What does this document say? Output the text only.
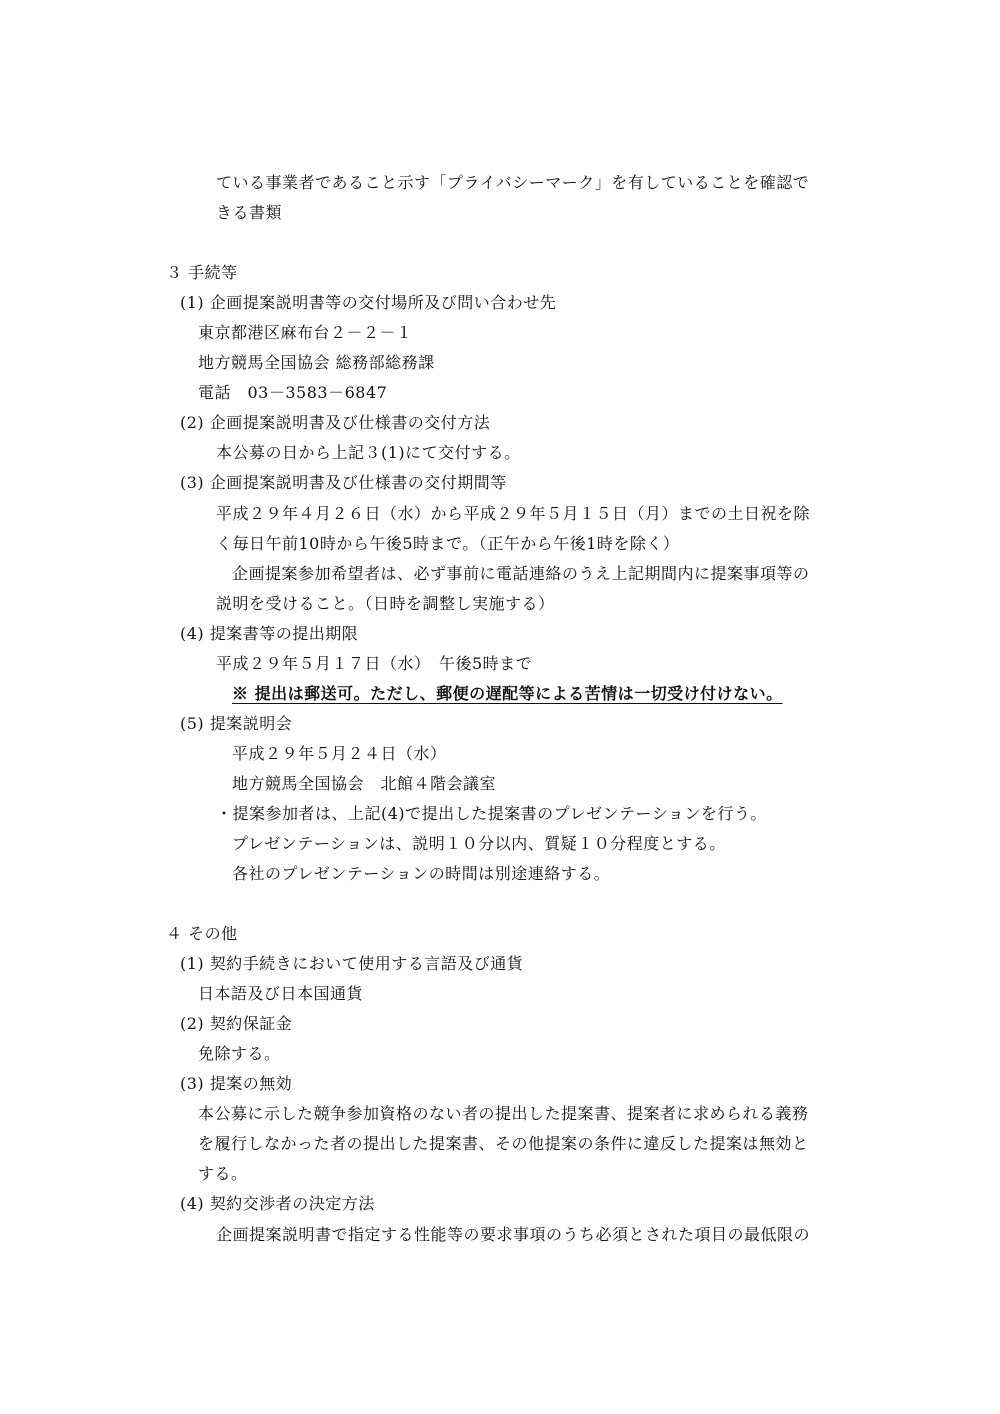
ている事業者であること示す「プライバシーマーク」を有していることを確認で
きる書類
３ 手続等
(1) 企画提案説明書等の交付場所及び問い合わせ先
東京都港区麻布台２－２－１
地方競馬全国協会 総務部総務課
電話　03－3583－6847
(2) 企画提案説明書及び仕様書の交付方法
本公募の日から上記３(1)にて交付する。
(3) 企画提案説明書及び仕様書の交付期間等
平成２９年４月２６日（水）から平成２９年５月１５日（月）までの土日祝を除
く毎日午前10時から午後5時まで。（正午から午後1時を除く）
企画提案参加希望者は、必ず事前に電話連絡のうえ上記期間内に提案事項等の
説明を受けること。（日時を調整し実施する）
(4) 提案書等の提出期限
平成２９年５月１７日（水）　午後5時まで
※ 提出は郵送可。ただし、郵便の遅配等による苦情は一切受け付けない。
(5) 提案説明会
平成２９年５月２４日（水）
地方競馬全国協会　北館４階会議室
・提案参加者は、上記(4)で提出した提案書のプレゼンテーションを行う。
プレゼンテーションは、説明１０分以内、質疑１０分程度とする。
各社のプレゼンテーションの時間は別途連絡する。
４ その他
(1) 契約手続きにおいて使用する言語及び通貨
日本語及び日本国通貨
(2) 契約保証金
免除する。
(3) 提案の無効
本公募に示した競争参加資格のない者の提出した提案書、提案者に求められる義務
を履行しなかった者の提出した提案書、その他提案の条件に違反した提案は無効と
する。
(4) 契約交渉者の決定方法
企画提案説明書で指定する性能等の要求事項のうち必須とされた項目の最低限の
